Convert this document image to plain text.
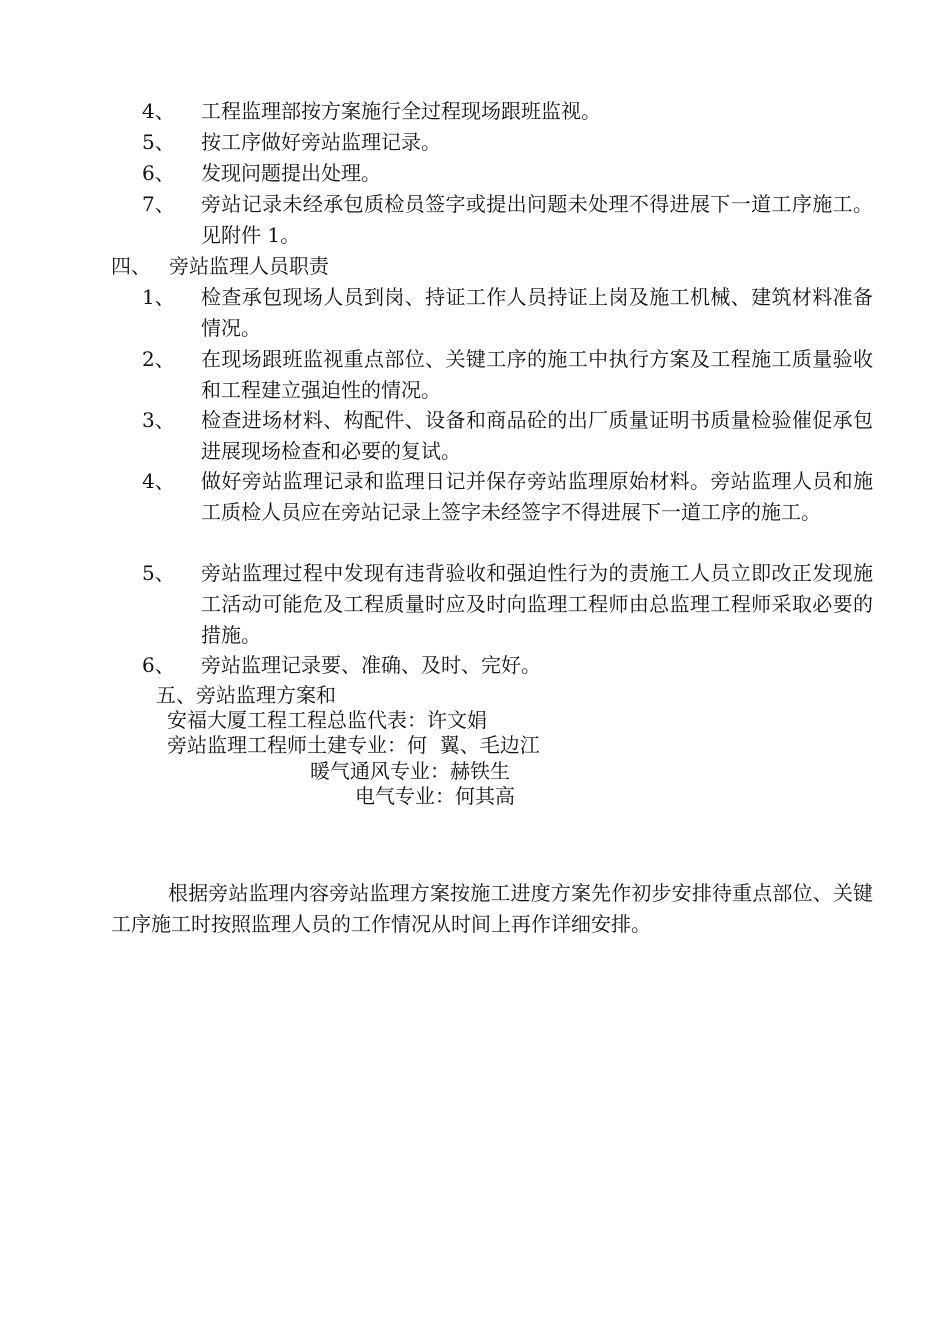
4、	工程监理部按方案施行全过程现场跟班监视。
5、	按工序做好旁站监理记录。
6、	发现问题提出处理。
7、	旁站记录未经承包质检员签字或提出问题未处理不得进展下一道工序施工。见附件 1。
四、 旁站监理人员职责
1、	检查承包现场人员到岗、持证工作人员持证上岗及施工机械、建筑材料准备情况。
2、	在现场跟班监视重点部位、关键工序的施工中执行方案及工程施工质量验收和工程建立强迫性的情况。
3、	检查进场材料、构配件、设备和商品砼的出厂质量证明书质量检验催促承包进展现场检查和必要的复试。
4、	做好旁站监理记录和监理日记并保存旁站监理原始材料。旁站监理人员和施工质检人员应在旁站记录上签字未经签字不得进展下一道工序的施工。
5、	旁站监理过程中发现有违背验收和强迫性行为的责施工人员立即改正发现施工活动可能危及工程质量时应及时向监理工程师由总监理工程师采取必要的措施。
6、	旁站监理记录要、准确、及时、完好。
五、旁站监理方案和
安福大厦工程工程总监代表：许文娟
旁站监理工程师土建专业：何  翼、毛边江
暖气通风专业：赫铁生
电气专业：何其高
根据旁站监理内容旁站监理方案按施工进度方案先作初步安排待重点部位、关键工序施工时按照监理人员的工作情况从时间上再作详细安排。
